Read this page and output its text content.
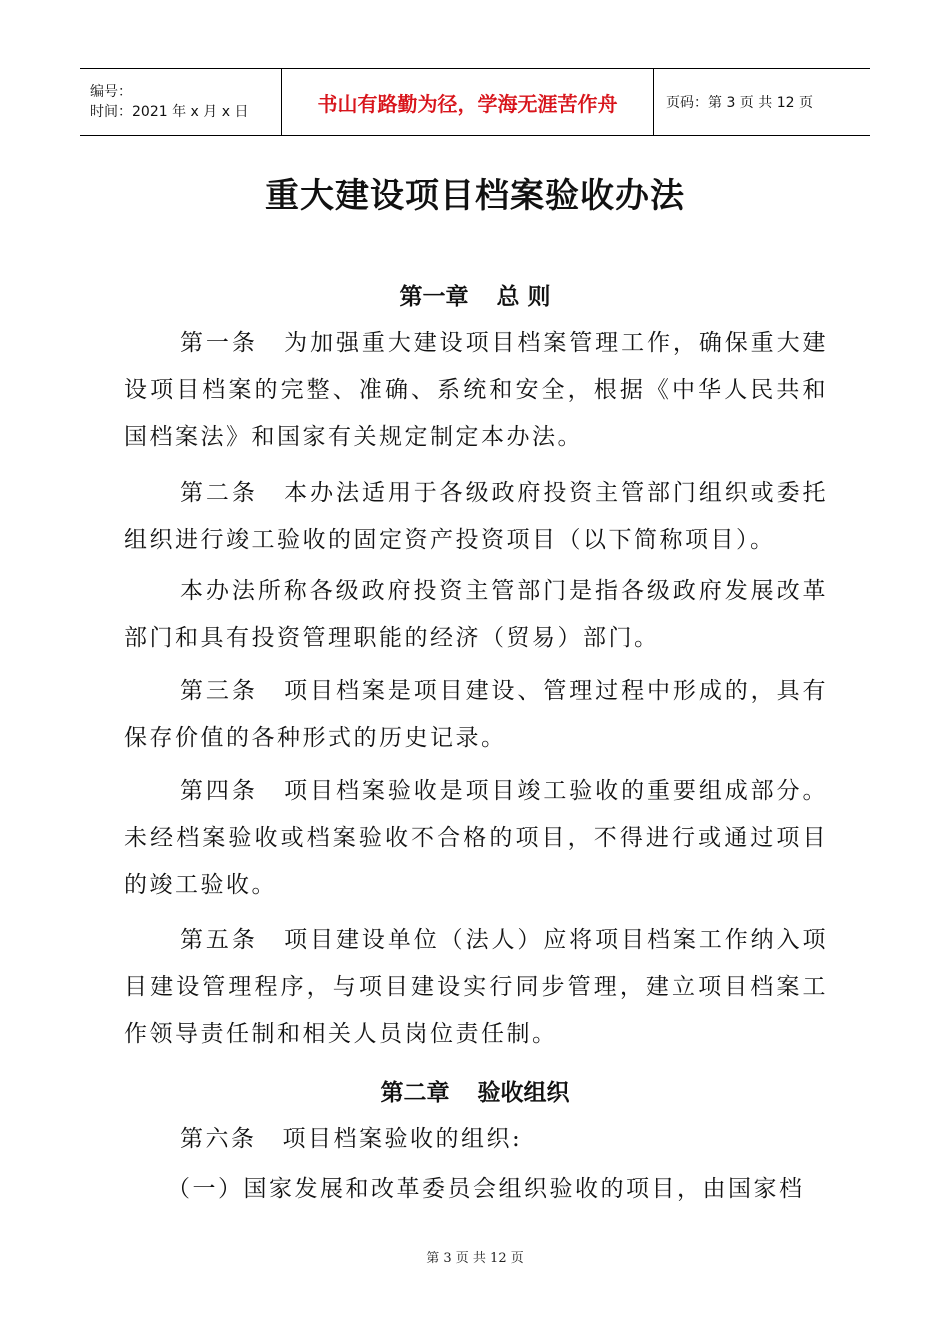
编号：
时间：2021 年 x 月 x 日	书山有路勤为径，学海无涯苦作舟	页码：第 3 页 共 12 页
重大建设项目档案验收办法
第一章 总 则
第一条 为加强重大建设项目档案管理工作，确保重大建设项目档案的完整、准确、系统和安全，根据《中华人民共和国档案法》和国家有关规定制定本办法。
第二条 本办法适用于各级政府投资主管部门组织或委托组织进行竣工验收的固定资产投资项目（以下简称项目）。
本办法所称各级政府投资主管部门是指各级政府发展改革部门和具有投资管理职能的经济（贸易）部门。
第三条 项目档案是项目建设、管理过程中形成的，具有保存价值的各种形式的历史记录。
第四条 项目档案验收是项目竣工验收的重要组成部分。未经档案验收或档案验收不合格的项目，不得进行或通过项目的竣工验收。
第五条 项目建设单位（法人）应将项目档案工作纳入项目建设管理程序，与项目建设实行同步管理，建立项目档案工作领导责任制和相关人员岗位责任制。
第二章 验收组织
第六条 项目档案验收的组织:
（一）国家发展和改革委员会组织验收的项目，由国家档
第 3 页 共 12 页
